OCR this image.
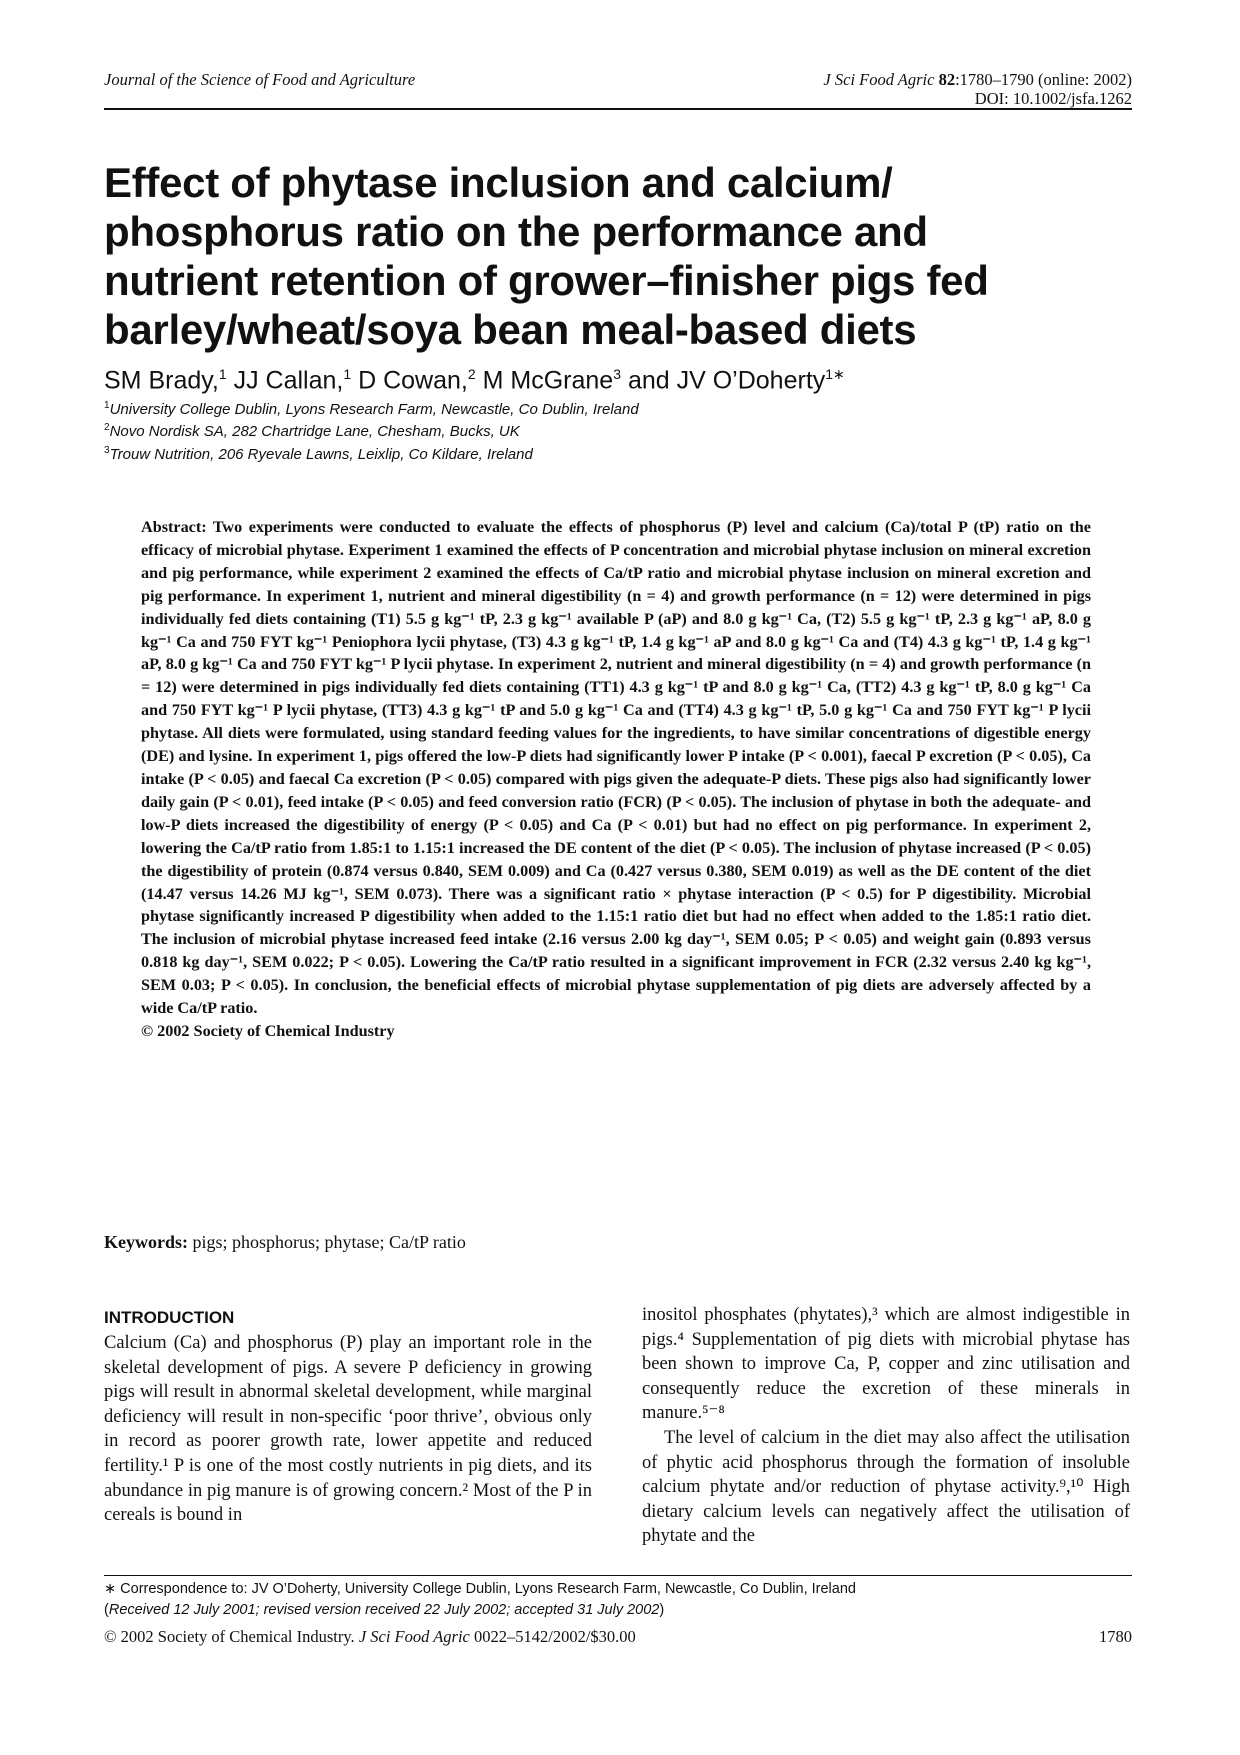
Journal of the Science of Food and Agriculture	J Sci Food Agric 82:1780–1790 (online: 2002)
DOI: 10.1002/jsfa.1262
Effect of phytase inclusion and calcium/
phosphorus ratio on the performance and
nutrient retention of grower–finisher pigs fed
barley/wheat/soya bean meal-based diets
SM Brady,$^1$ JJ Callan,$^1$ D Cowan,$^2$ M McGrane$^3$ and JV O’Doherty$^{1∗}$
$^1$University College Dublin, Lyons Research Farm, Newcastle, Co Dublin, Ireland
$^2$Novo Nordisk SA, 282 Chartridge Lane, Chesham, Bucks, UK
$^3$Trouw Nutrition, 206 Ryevale Lawns, Leixlip, Co Kildare, Ireland
Abstract: Two experiments were conducted to evaluate the effects of phosphorus (P) level and calcium (Ca)/total P (tP) ratio on the efficacy of microbial phytase. Experiment 1 examined the effects of P concentration and microbial phytase inclusion on mineral excretion and pig performance, while experiment 2 examined the effects of Ca/tP ratio and microbial phytase inclusion on mineral excretion and pig performance. In experiment 1, nutrient and mineral digestibility (n = 4) and growth performance (n = 12) were determined in pigs individually fed diets containing (T1) 5.5 g kg⁻¹ tP, 2.3 g kg⁻¹ available P (aP) and 8.0 g kg⁻¹ Ca, (T2) 5.5 g kg⁻¹ tP, 2.3 g kg⁻¹ aP, 8.0 g kg⁻¹ Ca and 750 FYT kg⁻¹ Peniophora lycii phytase, (T3) 4.3 g kg⁻¹ tP, 1.4 g kg⁻¹ aP and 8.0 g kg⁻¹ Ca and (T4) 4.3 g kg⁻¹ tP, 1.4 g kg⁻¹ aP, 8.0 g kg⁻¹ Ca and 750 FYT kg⁻¹ P lycii phytase. In experiment 2, nutrient and mineral digestibility (n = 4) and growth performance (n = 12) were determined in pigs individually fed diets containing (TT1) 4.3 g kg⁻¹ tP and 8.0 g kg⁻¹ Ca, (TT2) 4.3 g kg⁻¹ tP, 8.0 g kg⁻¹ Ca and 750 FYT kg⁻¹ P lycii phytase, (TT3) 4.3 g kg⁻¹ tP and 5.0 g kg⁻¹ Ca and (TT4) 4.3 g kg⁻¹ tP, 5.0 g kg⁻¹ Ca and 750 FYT kg⁻¹ P lycii phytase. All diets were formulated, using standard feeding values for the ingredients, to have similar concentrations of digestible energy (DE) and lysine. In experiment 1, pigs offered the low-P diets had significantly lower P intake (P < 0.001), faecal P excretion (P < 0.05), Ca intake (P < 0.05) and faecal Ca excretion (P < 0.05) compared with pigs given the adequate-P diets. These pigs also had significantly lower daily gain (P < 0.01), feed intake (P < 0.05) and feed conversion ratio (FCR) (P < 0.05). The inclusion of phytase in both the adequate- and low-P diets increased the digestibility of energy (P < 0.05) and Ca (P < 0.01) but had no effect on pig performance. In experiment 2, lowering the Ca/tP ratio from 1.85:1 to 1.15:1 increased the DE content of the diet (P < 0.05). The inclusion of phytase increased (P < 0.05) the digestibility of protein (0.874 versus 0.840, SEM 0.009) and Ca (0.427 versus 0.380, SEM 0.019) as well as the DE content of the diet (14.47 versus 14.26 MJ kg⁻¹, SEM 0.073). There was a significant ratio × phytase interaction (P < 0.5) for P digestibility. Microbial phytase significantly increased P digestibility when added to the 1.15:1 ratio diet but had no effect when added to the 1.85:1 ratio diet. The inclusion of microbial phytase increased feed intake (2.16 versus 2.00 kg day⁻¹, SEM 0.05; P < 0.05) and weight gain (0.893 versus 0.818 kg day⁻¹, SEM 0.022; P < 0.05). Lowering the Ca/tP ratio resulted in a significant improvement in FCR (2.32 versus 2.40 kg kg⁻¹, SEM 0.03; P < 0.05). In conclusion, the beneficial effects of microbial phytase supplementation of pig diets are adversely affected by a wide Ca/tP ratio.
© 2002 Society of Chemical Industry
Keywords: pigs; phosphorus; phytase; Ca/tP ratio
INTRODUCTION
Calcium (Ca) and phosphorus (P) play an important role in the skeletal development of pigs. A severe P deficiency in growing pigs will result in abnormal skeletal development, while marginal deficiency will result in non-specific ‘poor thrive’, obvious only in record as poorer growth rate, lower appetite and reduced fertility.¹ P is one of the most costly nutrients in pig diets, and its abundance in pig manure is of growing concern.² Most of the P in cereals is bound in
inositol phosphates (phytates),³ which are almost indigestible in pigs.⁴ Supplementation of pig diets with microbial phytase has been shown to improve Ca, P, copper and zinc utilisation and consequently reduce the excretion of these minerals in manure.⁵⁻⁸
The level of calcium in the diet may also affect the utilisation of phytic acid phosphorus through the formation of insoluble calcium phytate and/or reduction of phytase activity.⁹,¹⁰ High dietary calcium levels can negatively affect the utilisation of phytate and the
∗ Correspondence to: JV O’Doherty, University College Dublin, Lyons Research Farm, Newcastle, Co Dublin, Ireland
(Received 12 July 2001; revised version received 22 July 2002; accepted 31 July 2002)
© 2002 Society of Chemical Industry. J Sci Food Agric 0022–5142/2002/$30.00	1780
